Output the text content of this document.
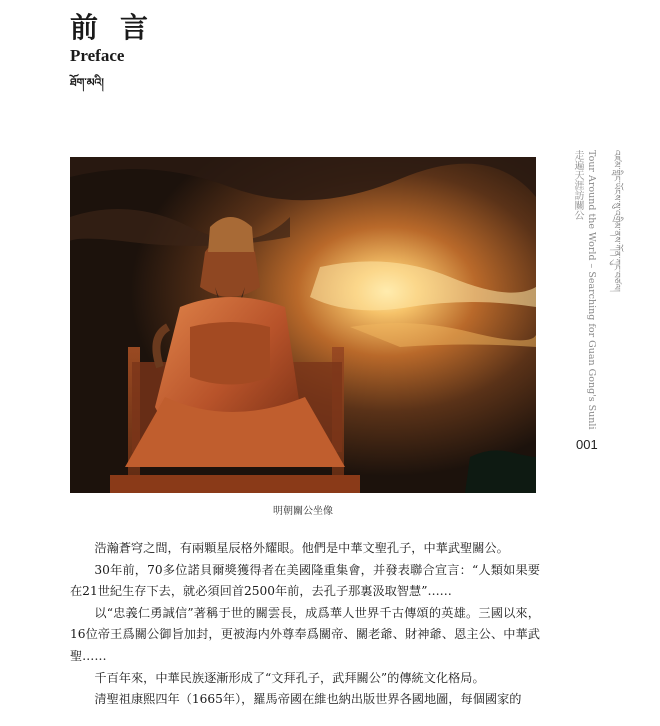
前言
Preface
ཐོག་མའི།
明朝關公坐像
走遍天涯訪關公 Tour Around the World – Searching for Guan Gong's Sunli	འཛམ་གླིང་ཡོངས་སུ་འགྲིམ་ནས་ཀོན་ཀུང་བཙལ།
001

浩瀚蒼穹之間，有兩顆星辰格外耀眼。他們是中華文聖孔子，中華武聖關公。

30年前，70多位諾貝爾獎獲得者在美國隆重集會，并發表聯合宣言：“人類如果要在21世紀生存下去，就必須回首2500年前，去孔子那裏汲取智慧”……

以“忠義仁勇誠信”著稱于世的關雲長，成爲華人世界千古傳頌的英雄。三國以來，16位帝王爲關公御旨加封，更被海内外尊奉爲關帝、關老爺、財神爺、恩主公、中華武聖……

千百年來，中華民族逐漸形成了“文拜孔子，武拜關公”的傳統文化格局。

清聖祖康熙四年（1665年），羅馬帝國在維也納出版世界各國地圖，每個國家的
